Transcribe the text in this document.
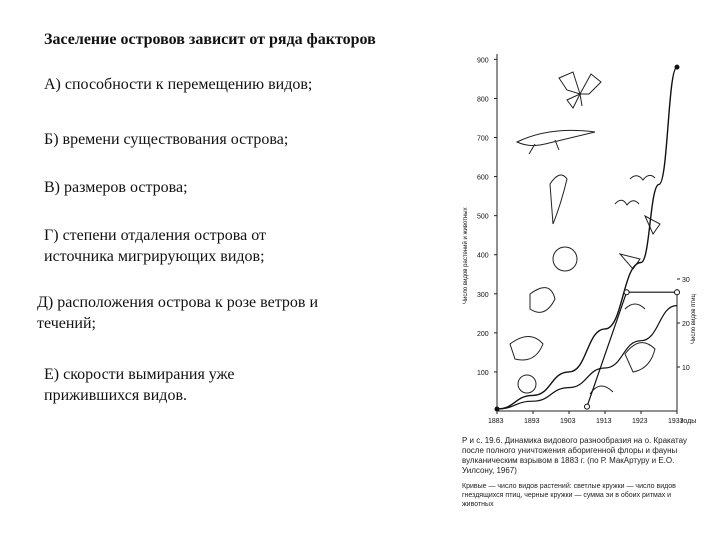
Заселение островов зависит от ряда факторов
А) способности к перемещению видов;
Б) времени существования острова;
В) размеров острова;
Г) степени отдаления острова от источника мигрирующих видов;
Д) расположения острова к розе ветров и течений;
Е) скорости вымирания уже прижившихся видов.
Число видов растений и животных
Число видов птиц
900
800
700
600
500
400
300
200
100
30
20
10
1883	1893	1903	1913	1923	1933
годы
Р и с. 19.6. Динамика видового разнообразия на о. Кракатау после полного уничтожения аборигенной флоры и фауны вулканическим взрывом в 1883 г. (по Р. МакАртуру и Е.О. Уилсону, 1967)
Кривые — число видов растений: светлые кружки — число видов гнездящихся птиц, черные кружки — сумма эи в обоих ритмах и животных
